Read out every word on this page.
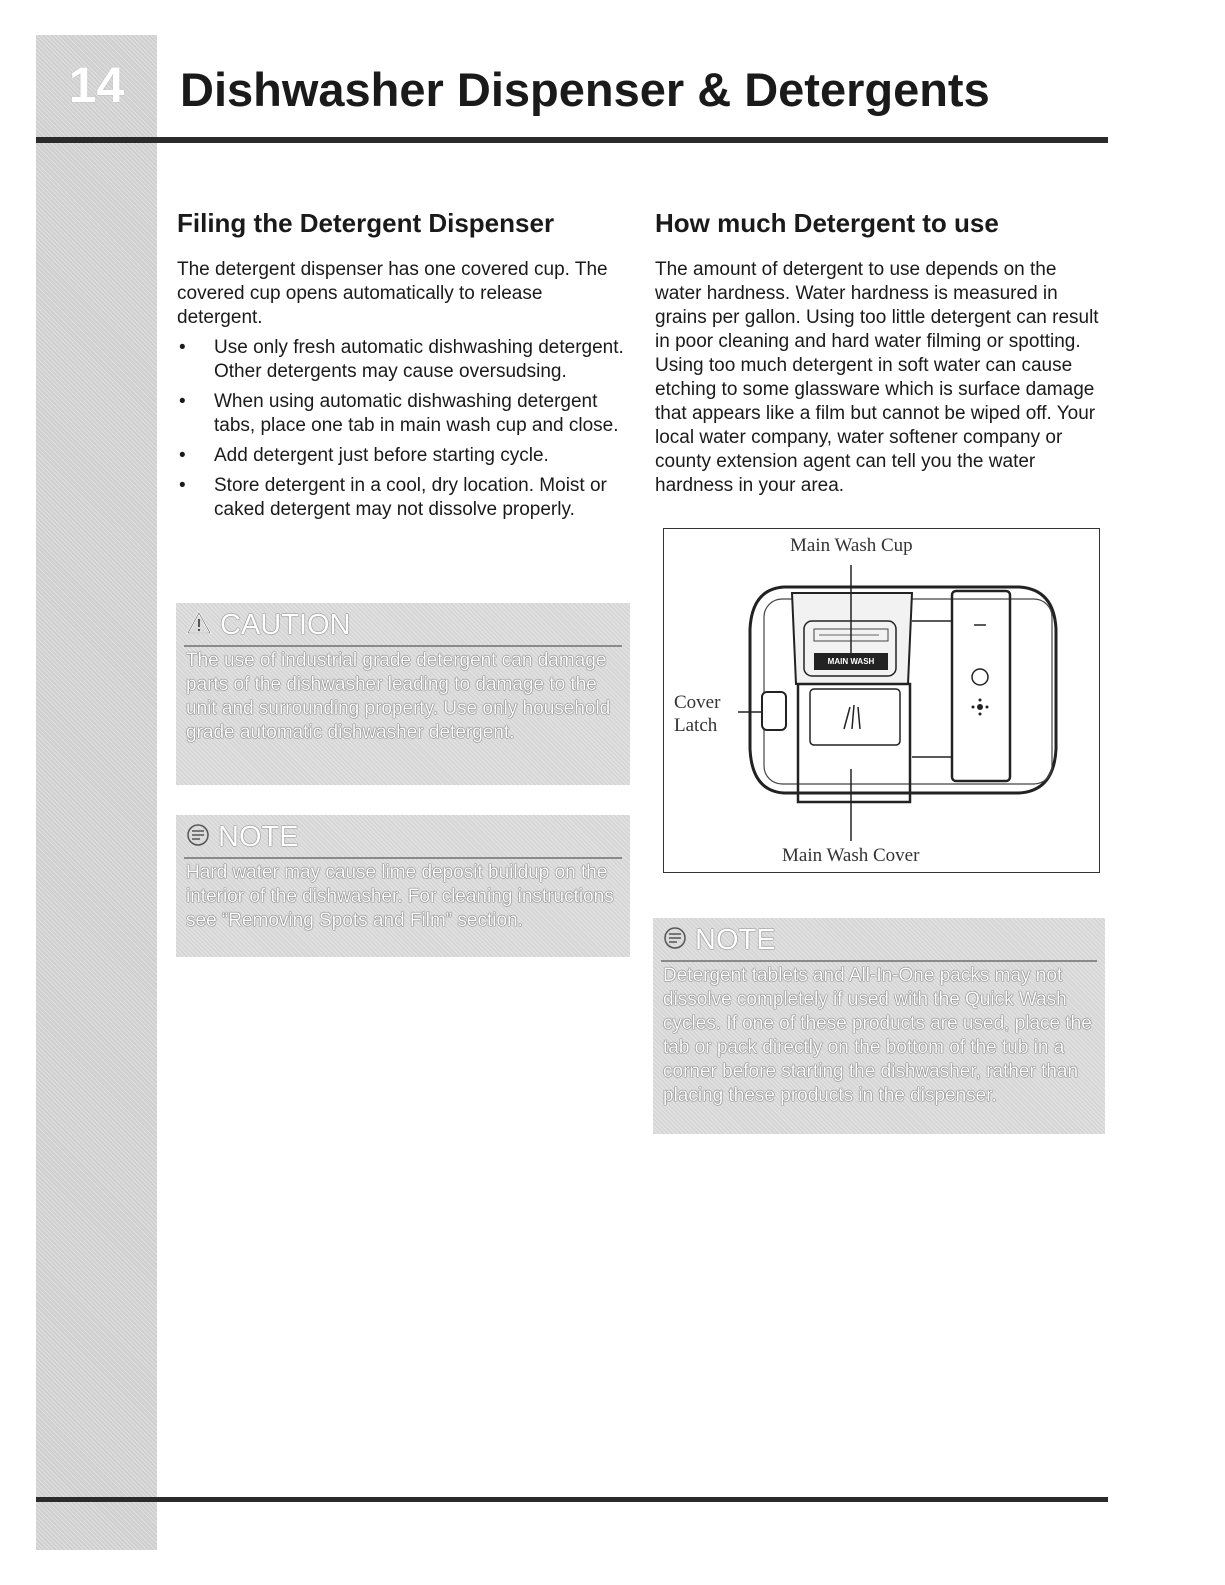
14	Dishwasher Dispenser & Detergents
Filing the Detergent Dispenser
The detergent dispenser has one covered cup. The covered cup opens automatically to release detergent.
• Use only fresh automatic dishwashing detergent. Other detergents may cause oversudsing.
• When using automatic dishwashing detergent tabs, place one tab in main wash cup and close.
• Add detergent just before starting cycle.
• Store detergent in a cool, dry location. Moist or caked detergent may not dissolve properly.
CAUTION
The use of industrial grade detergent can damage parts of the dishwasher leading to damage to the unit and surrounding property. Use only household grade automatic dishwasher detergent.
NOTE
Hard water may cause lime deposit buildup on the interior of the dishwasher. For cleaning instructions see “Removing Spots and Film” section.
How much Detergent to use
The amount of detergent to use depends on the water hardness. Water hardness is measured in grains per gallon. Using too little detergent can result in poor cleaning and hard water filming or spotting. Using too much detergent in soft water can cause etching to some glassware which is surface damage that appears like a film but cannot be wiped off. Your local water company, water softener company or county extension agent can tell you the water hardness in your area.
Main Wash Cup
Cover
Latch
Main Wash Cover
MAIN WASH
NOTE
Detergent tablets and All-In-One packs may not dissolve completely if used with the Quick Wash cycles. If one of these products are used, place the tab or pack directly on the bottom of the tub in a corner before starting the dishwasher, rather than placing these products in the dispenser.
